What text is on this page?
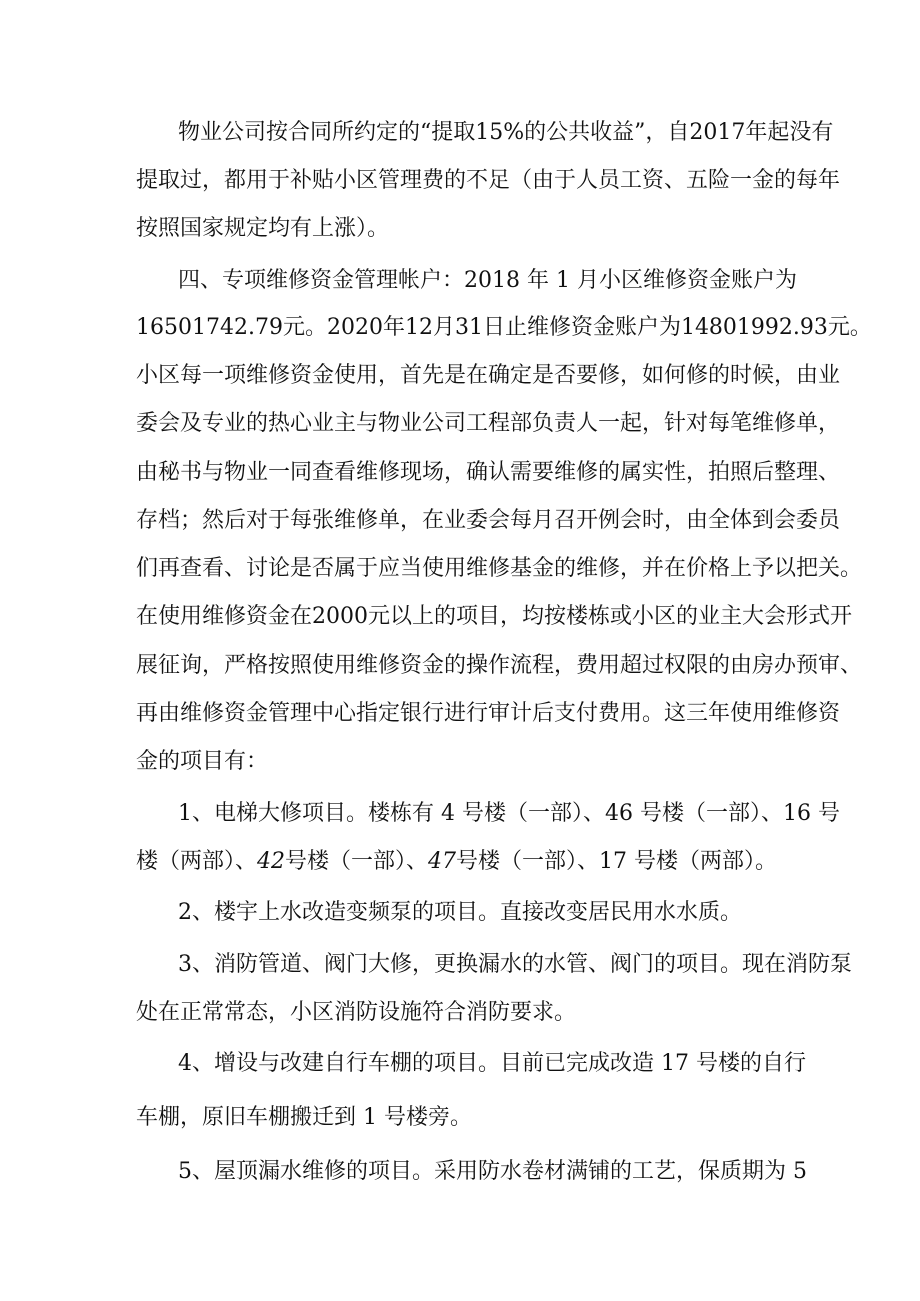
物业公司按合同所约定的“提取15%的公共收益”，自2017年起没有
提取过，都用于补贴小区管理费的不足（由于人员工资、五险一金的每年
按照国家规定均有上涨）。
四、专项维修资金管理帐户：2018 年 1 月小区维修资金账户为
16501742.79元。2020年12月31日止维修资金账户为14801992.93元。
小区每一项维修资金使用，首先是在确定是否要修，如何修的时候，由业
委会及专业的热心业主与物业公司工程部负责人一起，针对每笔维修单，
由秘书与物业一同查看维修现场，确认需要维修的属实性，拍照后整理、
存档；然后对于每张维修单，在业委会每月召开例会时，由全体到会委员
们再查看、讨论是否属于应当使用维修基金的维修，并在价格上予以把关。
在使用维修资金在2000元以上的项目，均按楼栋或小区的业主大会形式开
展征询，严格按照使用维修资金的操作流程，费用超过权限的由房办预审、
再由维修资金管理中心指定银行进行审计后支付费用。这三年使用维修资
金的项目有：
1、电梯大修项目。楼栋有 4 号楼（一部）、46 号楼（一部）、16 号
楼（两部）、42号楼（一部）、47号楼（一部）、17 号楼（两部）。
2、楼宇上水改造变频泵的项目。直接改变居民用水水质。
3、消防管道、阀门大修，更换漏水的水管、阀门的项目。现在消防泵
处在正常常态，小区消防设施符合消防要求。
4、增设与改建自行车棚的项目。目前已完成改造 17 号楼的自行
车棚，原旧车棚搬迁到 1 号楼旁。
5、屋顶漏水维修的项目。采用防水卷材满铺的工艺，保质期为 5
